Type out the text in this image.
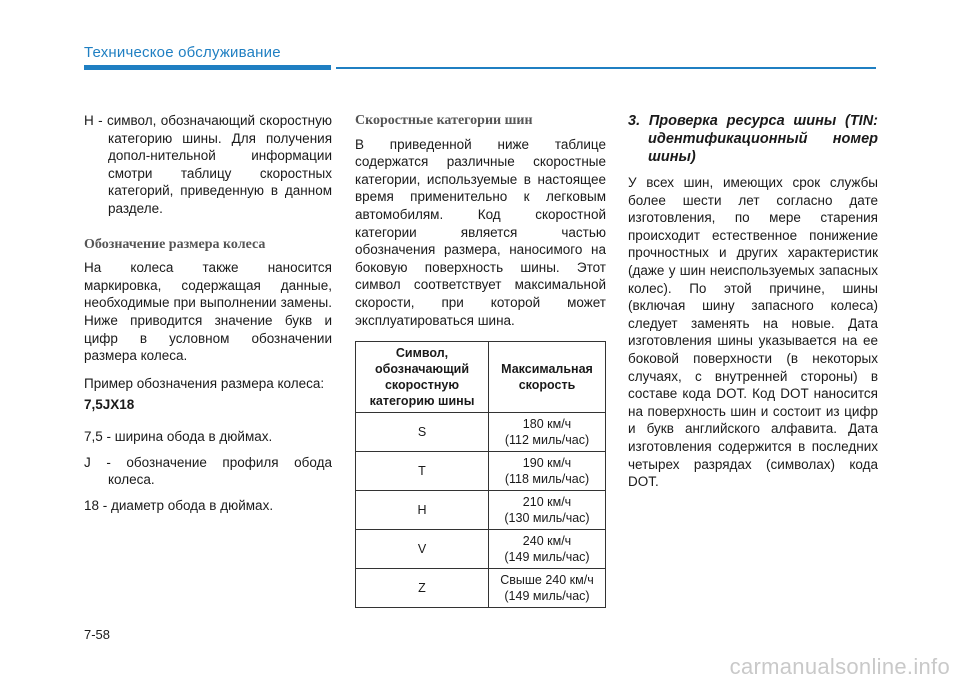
Техническое обслуживание

H - символ, обозначающий скоростную категорию шины. Для получения допол-нительной информации смотри таблицу скоростных категорий, приведенную в данном разделе.

Обозначение размера колеса

На колеса также наносится маркировка, содержащая данные, необходимые при выполнении замены. Ниже приводится значение букв и цифр в условном обозначении размера колеса.

Пример обозначения размера колеса:

7,5JX18

7,5 - ширина обода в дюймах.

J - обозначение профиля обода колеса.

18 - диаметр обода в дюймах.

Скоростные категории шин

В приведенной ниже таблице содержатся различные скоростные категории, используемые в настоящее время применительно к легковым автомобилям. Код скоростной категории является частью обозначения размера, наносимого на боковую поверхность шины. Этот символ соответствует максимальной скорости, при которой может эксплуатироваться шина.

Символ, обозначающий скоростную категорию шины	Максимальная скорость
S	180 км/ч
(112 миль/час)

T	190 км/ч
(118 миль/час)

H	210 км/ч
(130 миль/час)

V	240 км/ч
(149 миль/час)

Z	Свыше 240 км/ч
(149 миль/час)

3. Проверка ресурса шины (TIN: идентификационный номер шины)

У всех шин, имеющих срок службы более шести лет согласно дате изготовления, по мере старения происходит естественное понижение прочностных и других характеристик (даже у шин неиспользуемых запасных колес). По этой причине, шины (включая шину запасного колеса) следует заменять на новые. Дата изготовления шины указывается на ее боковой поверхности (в некоторых случаях, с внутренней стороны) в составе кода DOT. Код DOT наносится на поверхность шин и состоит из цифр и букв английского алфавита. Дата изготовления содержится в последних четырех разрядах (символах) кода DOT.

7-58
carmanualsonline.info
